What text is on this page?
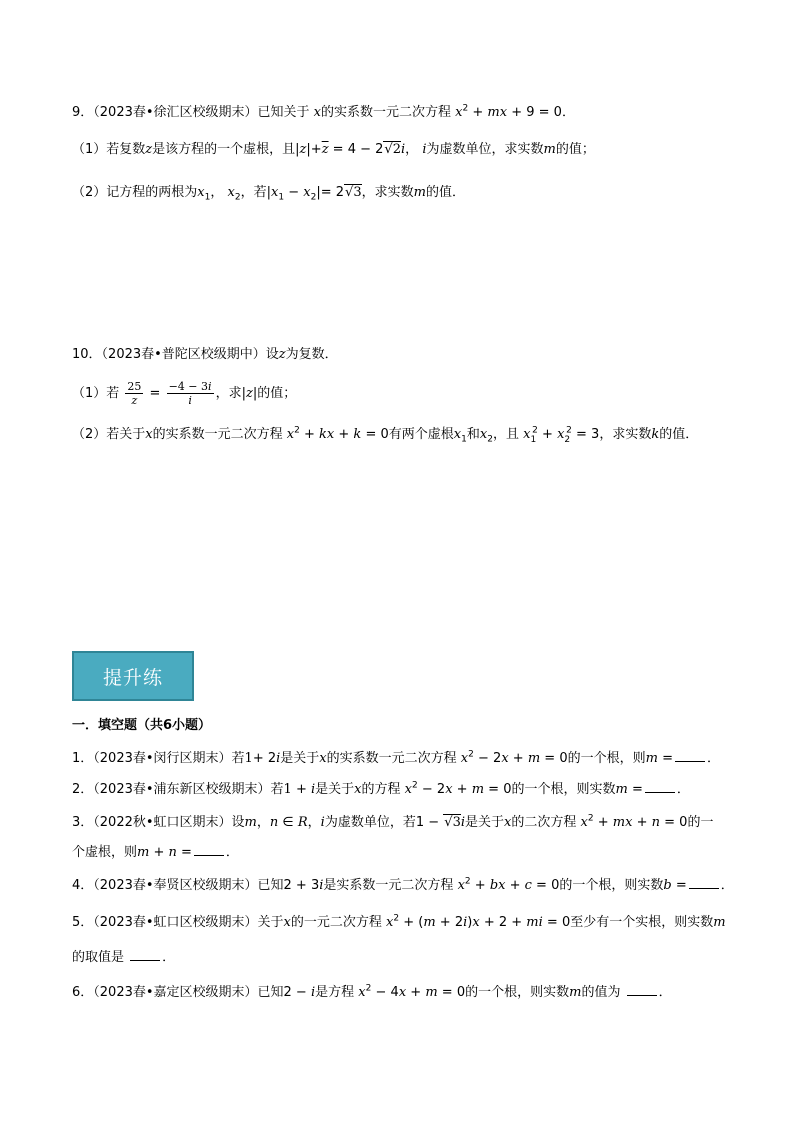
9．（2023春•徐汇区校级期末）已知关于 x的实系数一元二次方程 $x^2$ + mx + 9 = 0．
（1）若复数z是该方程的一个虚根，且$|z|+\overline{z} = 4 - 2√2i$， i为虚数单位，求实数m的值；
（2）记方程的两根为$x_1$， $x_2$，若$|x_1 - x_2|= 2√3$，求实数m的值．
10．（2023春•普陀区校级期中）设z为复数．
（1）若 $\frac{25}{z} = \frac{-4 - 3i}{i}$ ，求|z|的值；
（2）若关于x的实系数一元二次方程 $x^2$ + kx + k = 0有两个虚根$x_1$和$x_2$，且 $x_1^2 + x_2^2 = 3$，求实数k的值．
提升练
一．填空题（共6小题）
1．（2023春•闵行区期末）若1+ 2i是关于x的实系数一元二次方程 $x^2 - 2x + m = 0$的一个根，则m =	．
2．（2023春•浦东新区校级期末）若1 + i是关于x的方程 $x^2 - 2x + m = 0$的一个根，则实数m =	．
3．（2022秋•虹口区期末）设m，n ∈ R，i为虚数单位，若1 − √3i是关于x的二次方程 $x^2$ + mx + n = 0的一
个虚根，则m + n =	．
4．（2023春•奉贤区校级期末）已知2 + 3i是实系数一元二次方程 $x^2$ + bx + c = 0的一个根，则实数b =	．
5．（2023春•虹口区校级期末）关于x的一元二次方程 $x^2 + (m + 2i)x + 2$ + mi = 0至少有一个实根，则实数m
的取值是	．
6．（2023春•嘉定区校级期末）已知2 − i是方程 $x^2 - 4x + m = 0$的一个根，则实数m的值为	．
